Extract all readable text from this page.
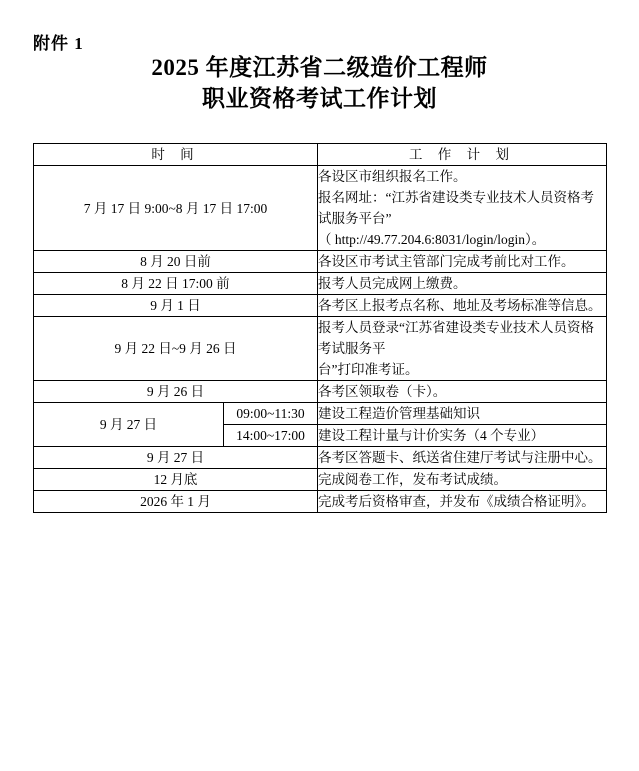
附件 1
2025 年度江苏省二级造价工程师
职业资格考试工作计划
时 间		工 作 计 划
7 月 17 日 9:00~8 月 17 日 17:00		各设区市组织报名工作。
报名网址：“江苏省建设类专业技术人员资格考试服务平台”
（ http://49.77.204.6:8031/login/login）。

8 月 20 日前		各设区市考试主管部门完成考前比对工作。

8 月 22 日 17:00 前		报考人员完成网上缴费。

9 月 1 日		各考区上报考点名称、地址及考场标准等信息。

9 月 22 日~9 月 26 日		报考人员登录“江苏省建设类专业技术人员资格考试服务平
台”打印准考证。

9 月 26 日		各考区领取卷（卡）。

9 月 27 日	09:00~11:30	建设工程造价管理基础知识

	14:00~17:00	建设工程计量与计价实务（4 个专业）

9 月 27 日		各考区答题卡、纸送省住建厅考试与注册中心。

12 月底		完成阅卷工作，发布考试成绩。

2026 年 1 月		完成考后资格审查，并发布《成绩合格证明》。
